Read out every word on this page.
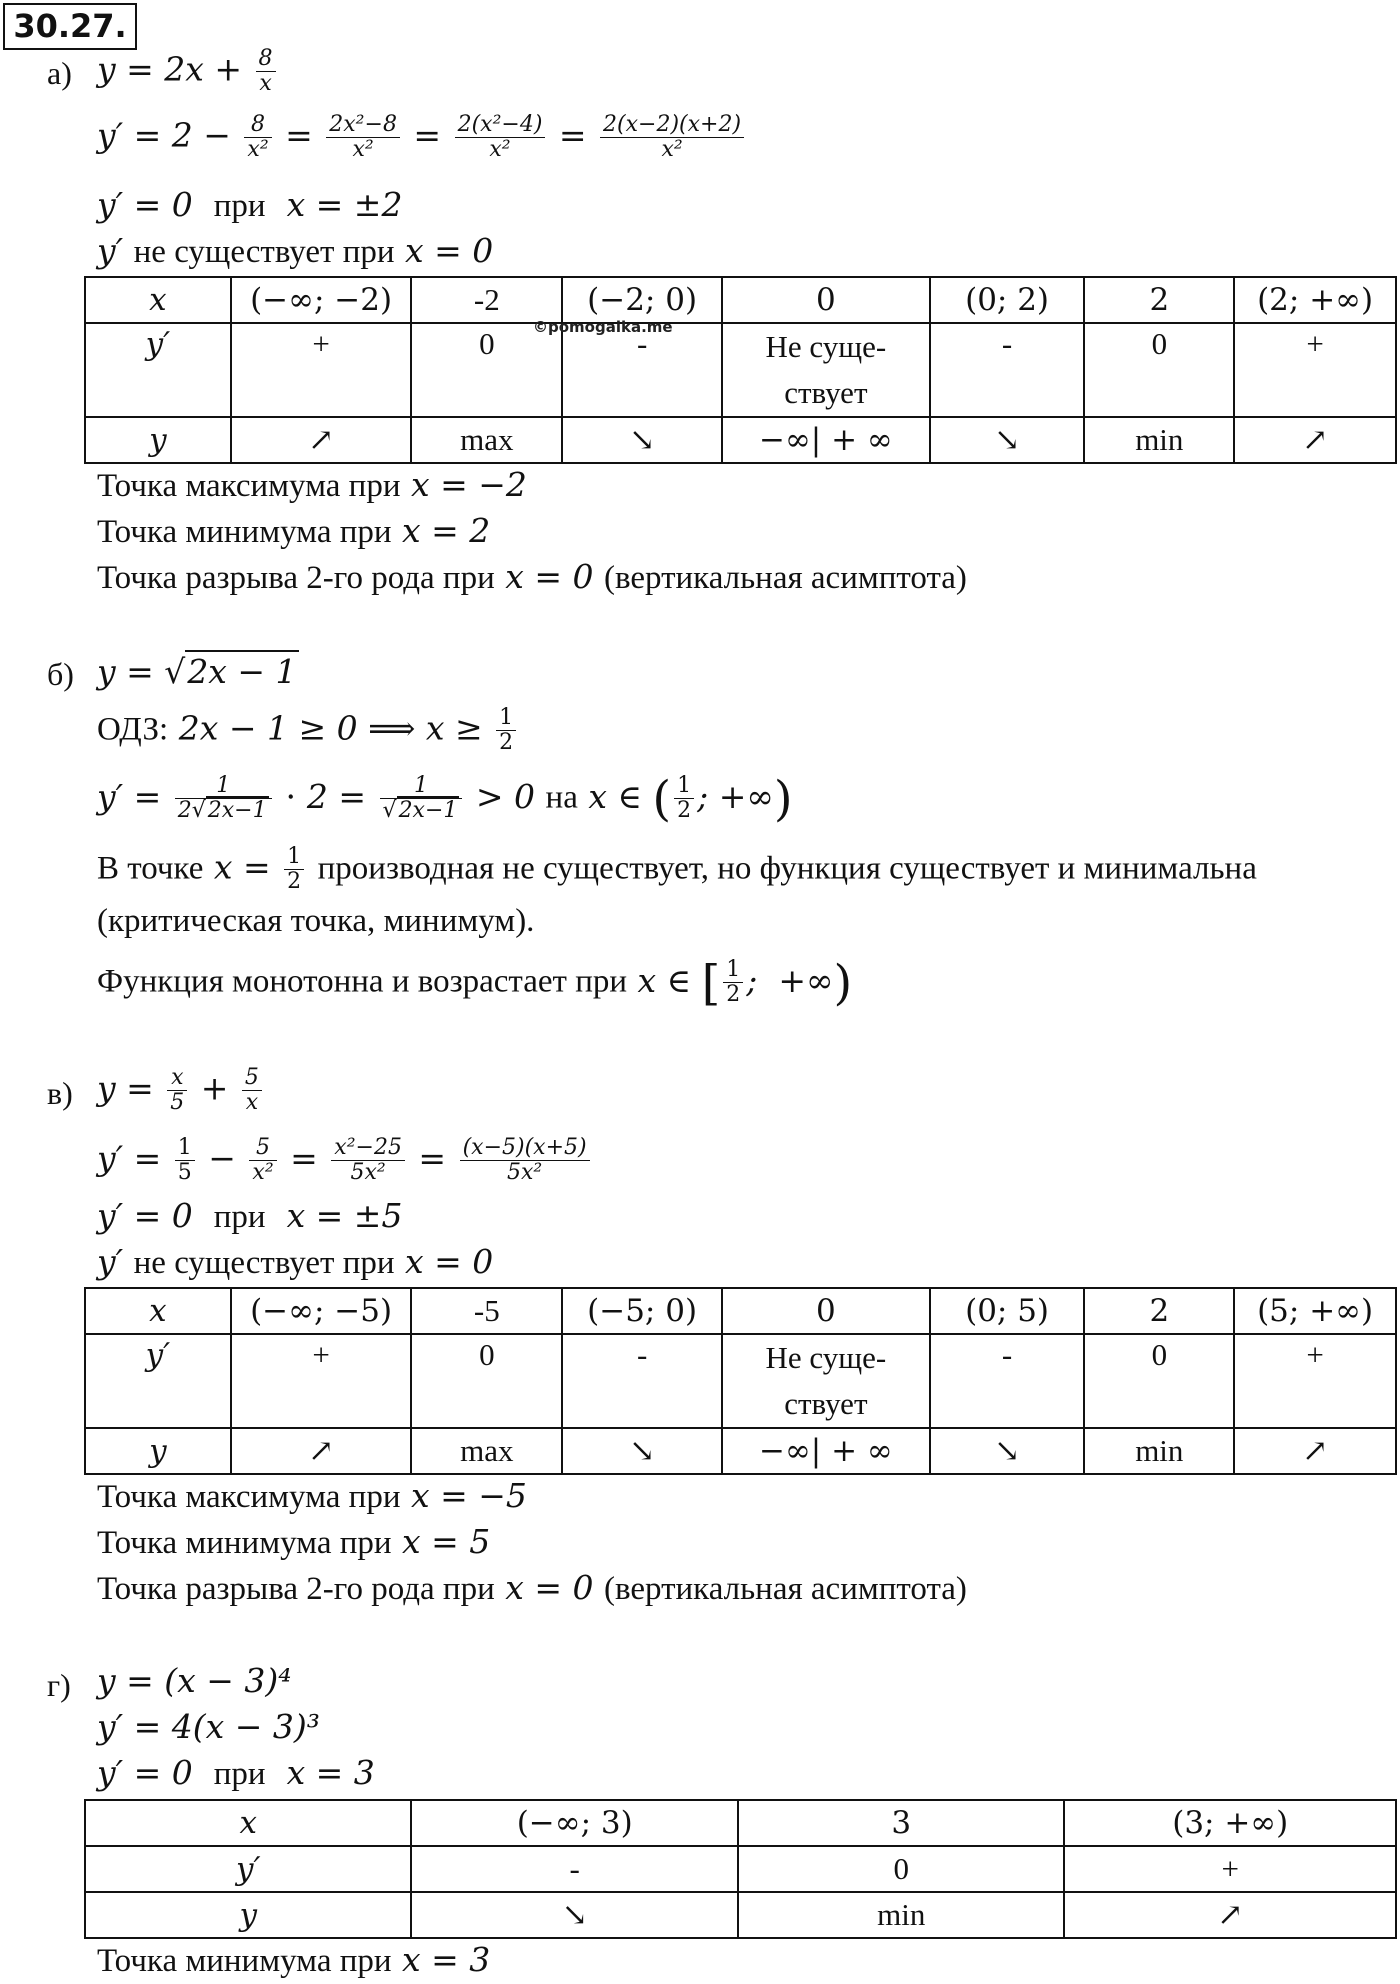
30.27.
а) $y = 2x + \frac{8}{x}$
$y' = 2 - \frac{8}{\text{x²}} = \frac{\text{2x²−8}}{\text{x²}} = \frac{\text{2(x²−4)}}{\text{x²}} = \frac{2(x-2)(x+2)}{\text{x²}}$
y′ = 0 при x = ±2
y′ не существует при x = 0
x	(−∞; −2)	-2	(−2; 0)	0	(0; 2)	2	(2; +∞)
y′	+	0	-	Не суще-
ствует	-	0	+
y	↗	max	↘	−∞| + ∞	↘	min	↗
©pomogaika.me
Точка максимума при x = −2
Точка минимума при x = 2
Точка разрыва 2-го рода при x = 0 (вертикальная асимптота)
б) y = √2x − 1
ОДЗ: 2x − 1 ≥ 0 ⟹ $x \ge \frac{1}{2}$
$y' = \frac{1}{2√2x-1} \cdot 2 = \frac{1}{√2x-1} > 0$ на x ∈ ( $\frac{1}{2}$ ; +∞)
В точке $x = \frac{1}{2}$ производная не существует, но функция существует и минимальна
(критическая точка, минимум).
Функция монотонна и возрастает при x ∈ [ $\frac{1}{2}$ ;  +∞)
в) $y = \frac{x}{5} + \frac{5}{x}$
$y' = \frac{1}{5} - \frac{5}{\text{x²}} = \frac{\text{x²−25}}{\text{5x²}} = \frac{(x-5)(x+5)}{\text{5x²}}$
y′ = 0 при x = ±5
y′ не существует при x = 0
x	(−∞; −5)	-5	(−5; 0)	0	(0; 5)	2	(5; +∞)
y′	+	0	-	Не суще-
ствует	-	0	+
y	↗	max	↘	−∞| + ∞	↘	min	↗
Точка максимума при x = −5
Точка минимума при x = 5
Точка разрыва 2-го рода при x = 0 (вертикальная асимптота)
г) y = (x − 3)⁴
y′ = 4(x − 3)³
y′ = 0 при x = 3
x	(−∞; 3)	3	(3; +∞)
y′	-	0	+
y	↘	min	↗
Точка минимума при x = 3
